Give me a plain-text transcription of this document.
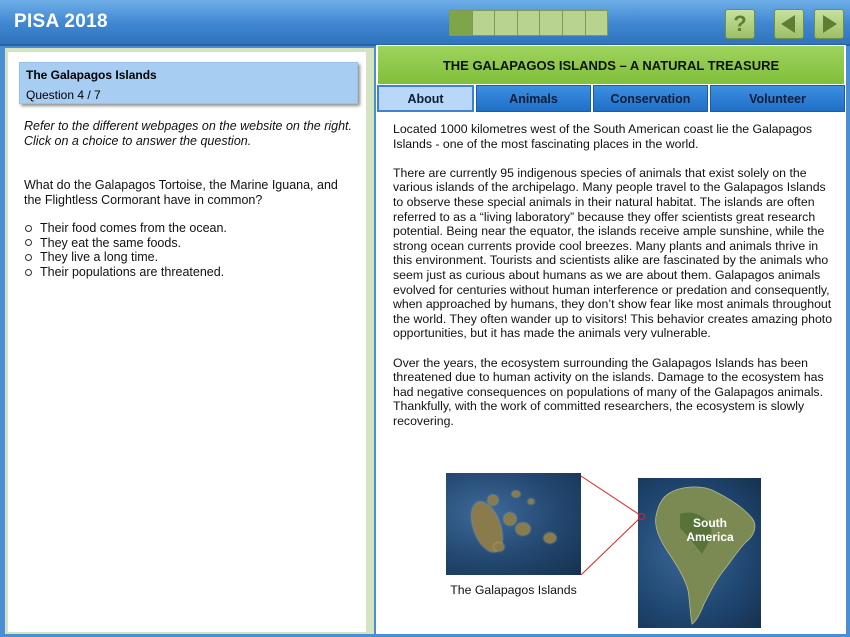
PISA 2018	?
The Galapagos Islands
Question 4 / 7
Refer to the different webpages on the website on the right. Click on a choice to answer the question.
What do the Galapagos Tortoise, the Marine Iguana, and the Flightless Cormorant have in common?
Their food comes from the ocean.
They eat the same foods.
They live a long time.
Their populations are threatened.
THE GALAPAGOS ISLANDS – A NATURAL TREASURE
About	Animals	Conservation	Volunteer

Located 1000 kilometres west of the South American coast lie the Galapagos Islands - one of the most fascinating places in the world.

There are currently 95 indigenous species of animals that exist solely on the various islands of the archipelago. Many people travel to the Galapagos Islands to observe these special animals in their natural habitat. The islands are often referred to as a “living laboratory” because they offer scientists great research potential. Being near the equator, the islands receive ample sunshine, while the strong ocean currents provide cool breezes. Many plants and animals thrive in this environment. Tourists and scientists alike are fascinated by the animals who seem just as curious about humans as we are about them. Galapagos animals evolved for centuries without human interference or predation and consequently, when approached by humans, they don’t show fear like most animals throughout the world. They often wander up to visitors! This behavior creates amazing photo opportunities, but it has made the animals very vulnerable.

Over the years, the ecosystem surrounding the Galapagos Islands has been threatened due to human activity on the islands. Damage to the ecosystem has had negative consequences on populations of many of the Galapagos animals. Thankfully, with the work of committed researchers, the ecosystem is slowly recovering.

South America
The Galapagos Islands
